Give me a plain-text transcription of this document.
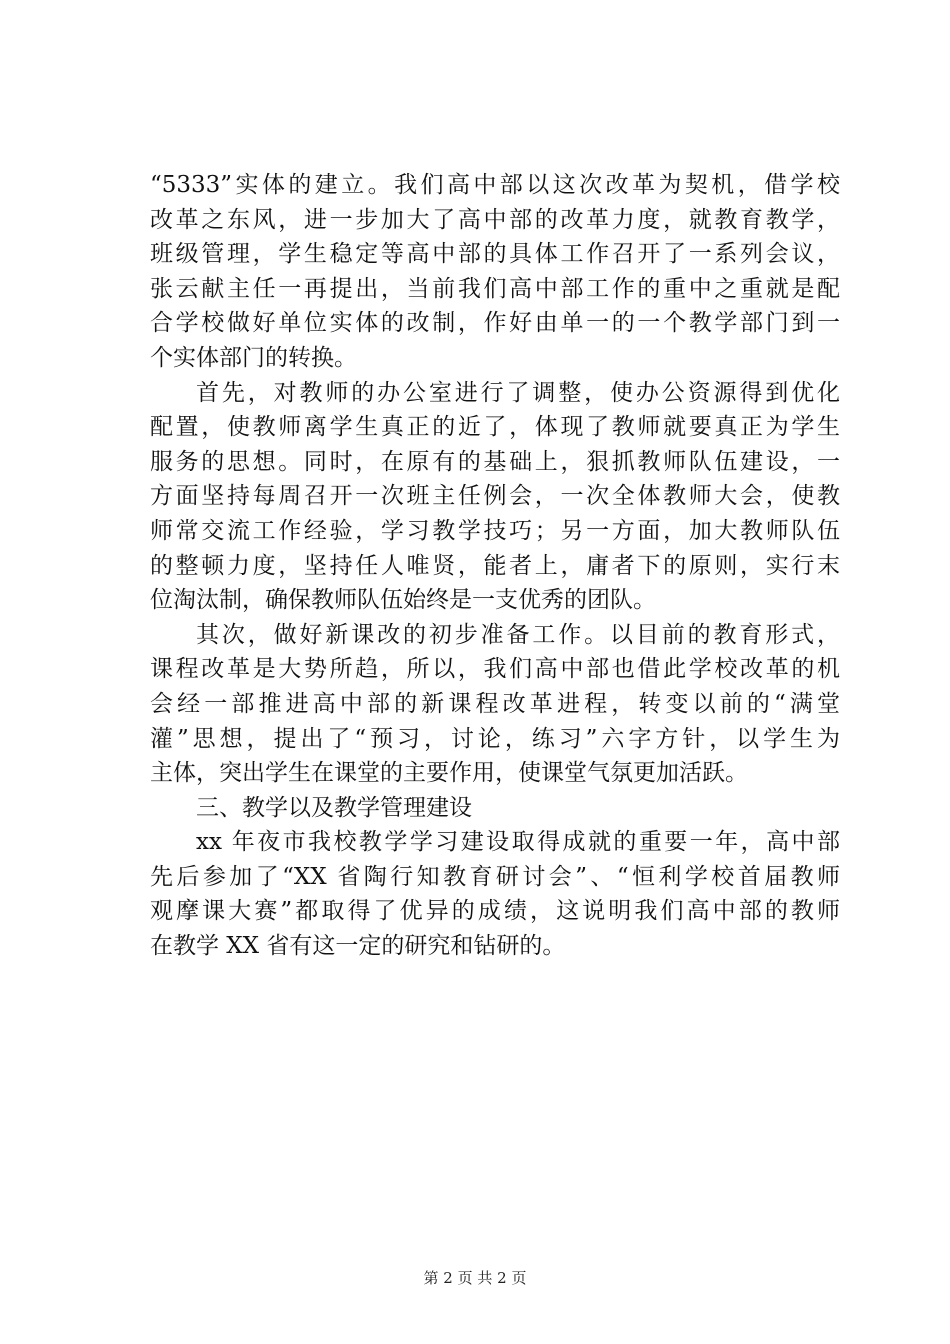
“5333”实体的建立。我们高中部以这次改革为契机，借学校
改革之东风，进一步加大了高中部的改革力度，就教育教学，
班级管理，学生稳定等高中部的具体工作召开了一系列会议，
张云献主任一再提出，当前我们高中部工作的重中之重就是配
合学校做好单位实体的改制，作好由单一的一个教学部门到一
个实体部门的转换。
首先，对教师的办公室进行了调整，使办公资源得到优化
配置，使教师离学生真正的近了，体现了教师就要真正为学生
服务的思想。同时，在原有的基础上，狠抓教师队伍建设，一
方面坚持每周召开一次班主任例会，一次全体教师大会，使教
师常交流工作经验，学习教学技巧；另一方面，加大教师队伍
的整顿力度，坚持任人唯贤，能者上，庸者下的原则，实行末
位淘汰制，确保教师队伍始终是一支优秀的团队。
其次，做好新课改的初步准备工作。以目前的教育形式，
课程改革是大势所趋，所以，我们高中部也借此学校改革的机
会经一部推进高中部的新课程改革进程，转变以前的“满堂
灌”思想，提出了“预习，讨论，练习”六字方针，以学生为
主体，突出学生在课堂的主要作用，使课堂气氛更加活跃。
三、教学以及教学管理建设
xx 年夜市我校教学学习建设取得成就的重要一年，高中部
先后参加了“XX 省陶行知教育研讨会”、“恒利学校首届教师
观摩课大赛”都取得了优异的成绩，这说明我们高中部的教师
在教学 XX 省有这一定的研究和钻研的。
第 2 页 共 2 页
